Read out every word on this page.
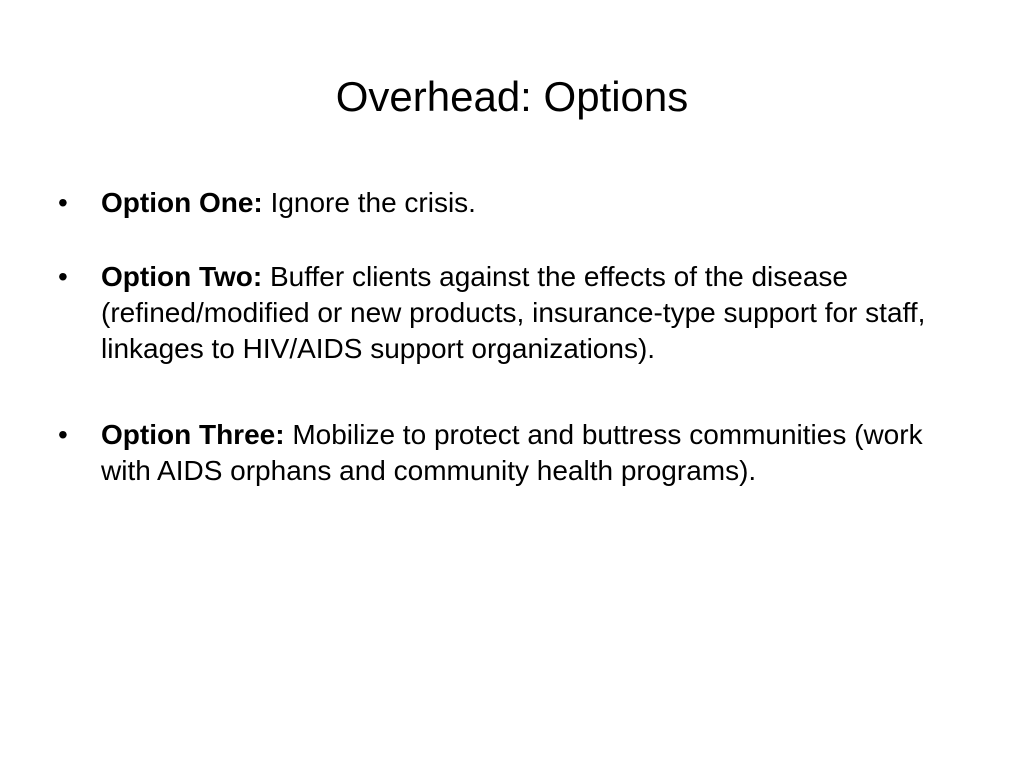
Overhead: Options
•	Option One: Ignore the crisis.
•	Option Two: Buffer clients against the effects of the disease (refined/modified or new products, insurance-type support for staff, linkages to HIV/AIDS support organizations).
•	Option Three: Mobilize to protect and buttress communities (work with AIDS orphans and community health programs).
